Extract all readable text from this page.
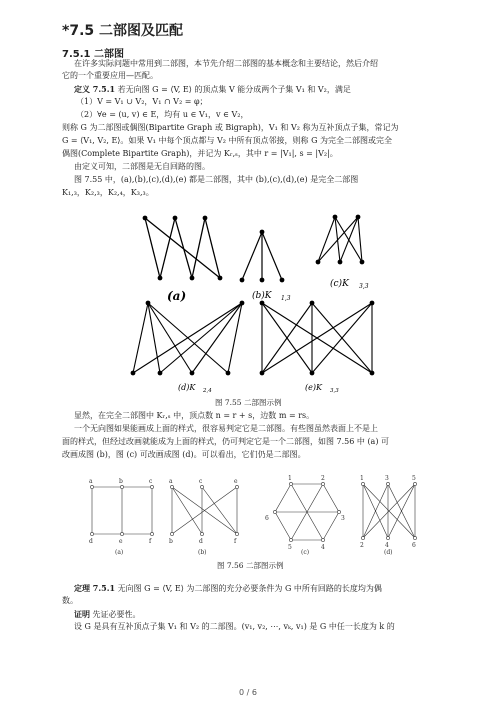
*7.5 二部图及匹配
7.5.1 二部图
在许多实际问题中常用到二部图，本节先介绍二部图的基本概念和主要结论，然后介绍
它的一个重要应用—匹配。
定义 7.5.1 若无向图 G = ⟨V, E⟩ 的顶点集 V 能分成两个子集 V₁ 和 V₂，满足
（1）V = V₁ ∪ V₂，V₁ ∩ V₂ = φ；
（2）∀e = (u, v) ∈ E，均有 u ∈ V₁，v ∈ V₂，
则称 G 为二部图或偶图(Bipartite Graph 或 Bigraph)，V₁ 和 V₂ 称为互补顶点子集，常记为
G = ⟨V₁, V₂, E⟩。如果 V₁ 中每个顶点都与 V₂ 中所有顶点邻接，则称 G 为完全二部图或完全
偶图(Complete Bipartite Graph)，并记为 Kᵣ,ₛ，其中 r = |V₁|, s = |V₂|。
由定义可知，二部图是无自回路的图。
图 7.55 中，(a),(b),(c),(d),(e) 都是二部图，其中 (b),(c),(d),(e) 是完全二部图
K₁,₃，K₂,₃，K₂,₄，K₃,₃。
(a)	(b)K 1,3
(c)K 3,3
(d)K 2,4	(e)K 3,3
图 7.55 二部图示例
显然，在完全二部图中 Kᵣ,ₛ 中，顶点数 n = r + s，边数 m = rs。
一个无向图如果能画成上面的样式，很容易判定它是二部图。有些图虽然表面上不是上
面的样式，但经过改画就能成为上面的样式，仍可判定它是一个二部图，如图 7.56 中 (a) 可
改画成图 (b)，图 (c) 可改画成图 (d)。可以看出，它们仍是二部图。
a	b	c
d	e	f
a	c	e
b	d	f
1	2
3
4
5
6
1	3	5
2	4	6
(a)	(b)	(c)	(d)
图 7.56 二部图示例
定理 7.5.1 无向图 G = ⟨V, E⟩ 为二部图的充分必要条件为 G 中所有回路的长度均为偶
数。
证明 先证必要性。
设 G 是具有互补顶点子集 V₁ 和 V₂ 的二部图。(v₁, v₂, ⋯, vₖ, v₁) 是 G 中任一长度为 k 的
0 / 6
